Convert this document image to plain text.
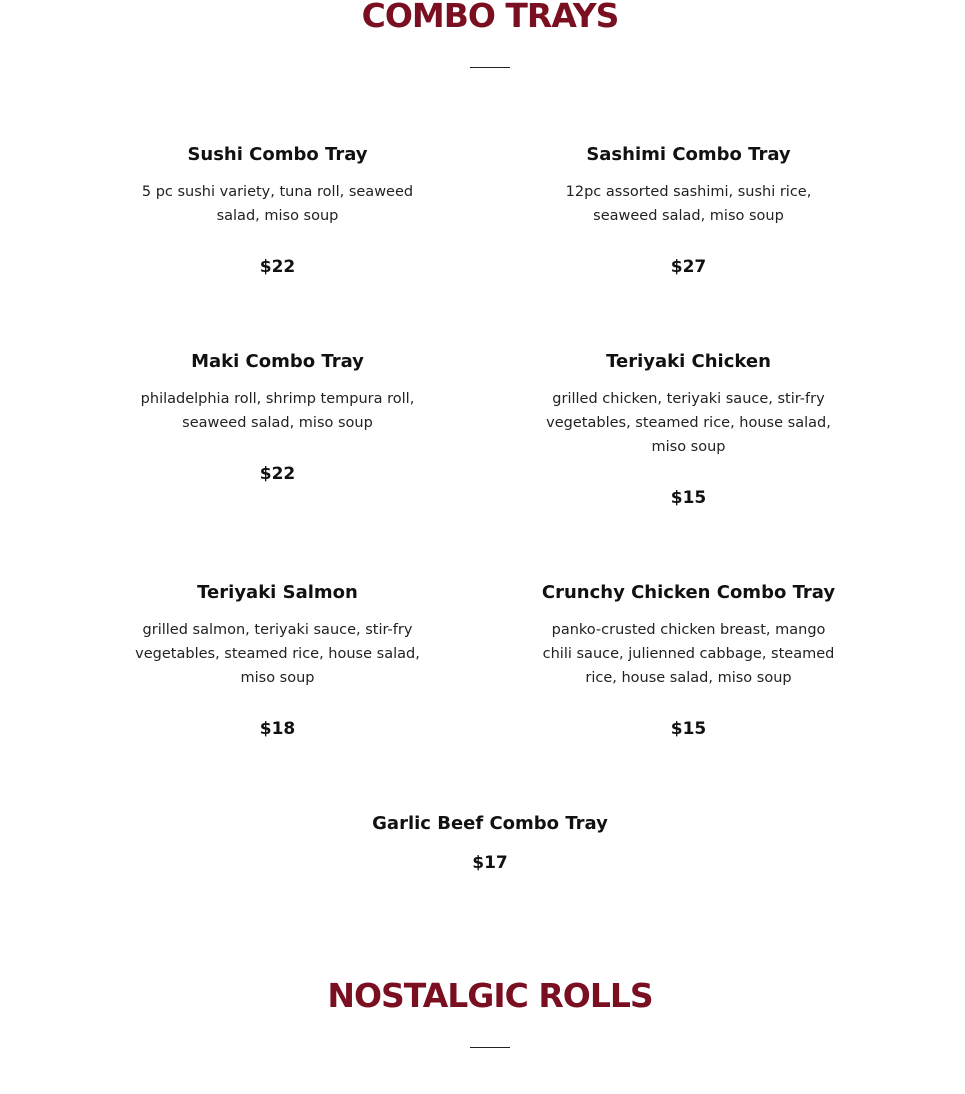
COMBO TRAYS

Sushi Combo Tray

5 pc sushi variety, tuna roll, seaweed
salad, miso soup

$22

Sashimi Combo Tray

12pc assorted sashimi, sushi rice,
seaweed salad, miso soup

$27

Maki Combo Tray

philadelphia roll, shrimp tempura roll,
seaweed salad, miso soup

$22

Teriyaki Chicken

grilled chicken, teriyaki sauce, stir-fry
vegetables, steamed rice, house salad,
miso soup

$15

Teriyaki Salmon

grilled salmon, teriyaki sauce, stir-fry
vegetables, steamed rice, house salad,
miso soup

$18

Crunchy Chicken Combo Tray

panko-crusted chicken breast, mango
chili sauce, julienned cabbage, steamed
rice, house salad, miso soup

$15

Garlic Beef Combo Tray

$17

NOSTALGIC ROLLS
